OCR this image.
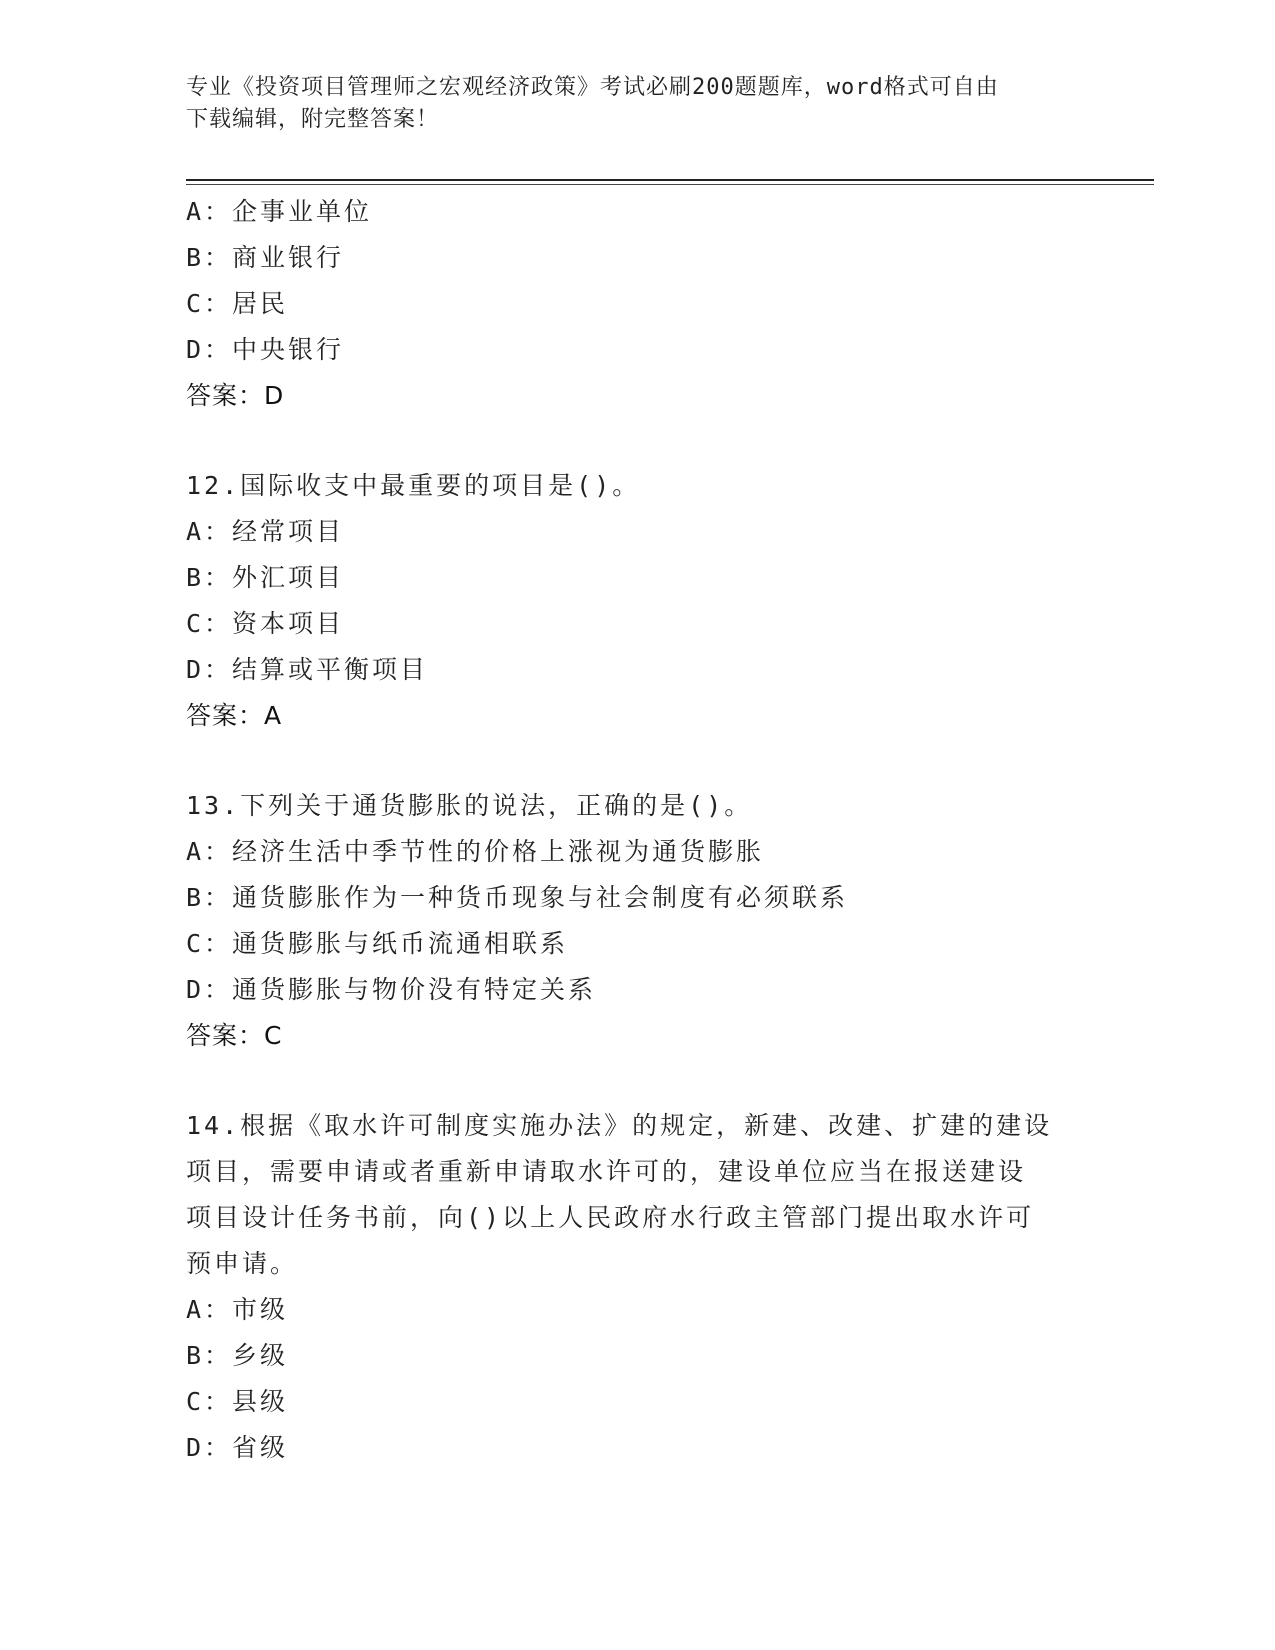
专业《投资项目管理师之宏观经济政策》考试必刷200题题库，word格式可自由
下载编辑，附完整答案！
A：企事业单位
B：商业银行
C：居民
D：中央银行
答案：D
12.国际收支中最重要的项目是()。
A：经常项目
B：外汇项目
C：资本项目
D：结算或平衡项目
答案：A
13.下列关于通货膨胀的说法，正确的是()。
A：经济生活中季节性的价格上涨视为通货膨胀
B：通货膨胀作为一种货币现象与社会制度有必须联系
C：通货膨胀与纸币流通相联系
D：通货膨胀与物价没有特定关系
答案：C
14.根据《取水许可制度实施办法》的规定，新建、改建、扩建的建设
项目，需要申请或者重新申请取水许可的，建设单位应当在报送建设
项目设计任务书前，向()以上人民政府水行政主管部门提出取水许可
预申请。
A：市级
B：乡级
C：县级
D：省级
